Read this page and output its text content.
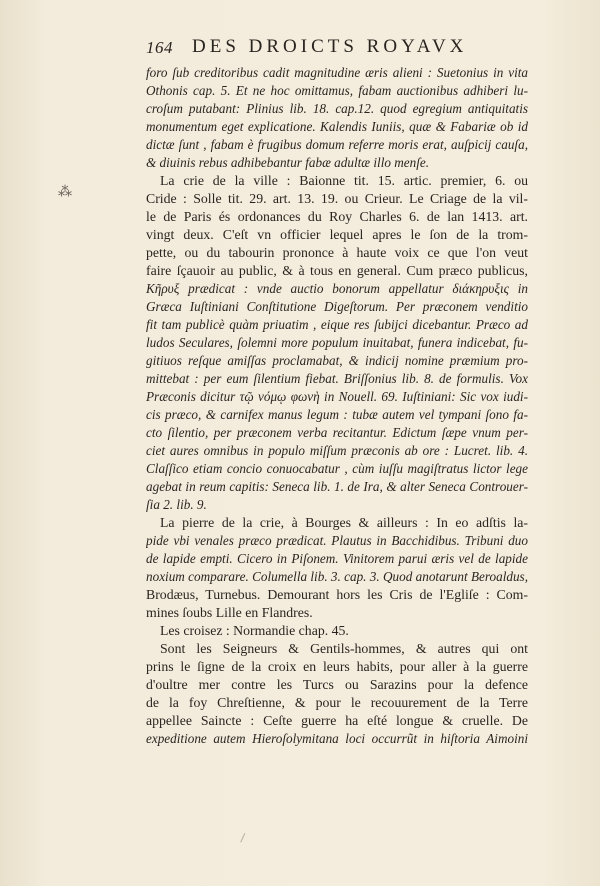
164 DES DROICTS ROYAVX
⁂
foro ſub creditoribus cadit magnitudine æris alieni : Suetonius in vita
Othonis cap. 5. Et ne hoc omittamus, fabam auctionibus adhiberi lu-
croſum putabant: Plinius lib. 18. cap.12. quod egregium antiquitatis
monumentum eget explicatione. Kalendis Iuniis, quæ & Fabariæ ob id
dictæ ſunt , fabam è frugibus domum referre moris erat, auſpicij cauſa,
& diuinis rebus adhibebantur fabæ adultæ illo menſe.
La crie de la ville : Baionne tit. 15. artic. premier, 6. ou
Cride : Solle tit. 29. art. 13. 19. ou Crieur. Le Criage de la vil-
le de Paris és ordonances du Roy Charles 6. de lan 1413. art.
vingt deux. C'eſt vn officier lequel apres le ſon de la trom-
pette, ou du tabourin prononce à haute voix ce que l'on veut
faire ſçauoir au public, & à tous en general. Cum præco publicus,
Κῆρυξ prædicat : vnde auctio bonorum appellatur διάκηρυξις in
Græca Iuſtiniani Conſtitutione Digeſtorum. Per præconem venditio
fit tam publicè quàm priuatim , eique res ſubijci dicebantur. Præco ad
ludos Seculares, ſolemni more populum inuitabat, funera indicebat, fu-
gitiuos reſque amiſſas proclamabat, & indicij nomine præmium pro-
mittebat : per eum ſilentium fiebat. Briſſonius lib. 8. de formulis. Vox
Præconis dicitur τῷ νόμῳ φωνὴ in Nouell. 69. Iuſtiniani: Sic vox iudi-
cis præco, & carnifex manus legum : tubæ autem vel tympani ſono fa-
cto ſilentio, per præconem verba recitantur. Edictum ſæpe vnum per-
ciet aures omnibus in populo miſſum præconis ab ore : Lucret. lib. 4.
Claſſico etiam concio conuocabatur , cùm iuſſu magiſtratus lictor lege
agebat in reum capitis: Seneca lib. 1. de Ira, & alter Seneca Controuer-
ſia 2. lib. 9.
La pierre de la crie, à Bourges & ailleurs : In eo adſtis la-
pide vbi venales præco prædicat. Plautus in Bacchidibus. Tribuni duo
de lapide empti. Cicero in Piſonem. Vinitorem parui æris vel de lapide
noxium comparare. Columella lib. 3. cap. 3. Quod anotarunt Beroaldus,
Brodæus, Turnebus. Demourant hors les Cris de l'Egliſe : Com-
mines ſoubs Lille en Flandres.
Les croisez : Normandie chap. 45.
Sont les Seigneurs & Gentils-hommes, & autres qui ont
prins le ſigne de la croix en leurs habits, pour aller à la guerre
d'oultre mer contre les Turcs ou Sarazins pour la defence
de la foy Chreſtienne, & pour le recouurement de la Terre
appellee Saincte : Ceſte guerre ha eſté longue & cruelle. De
expeditione autem Hieroſolymitana loci occurrũt in hiſtoria Aimoini
